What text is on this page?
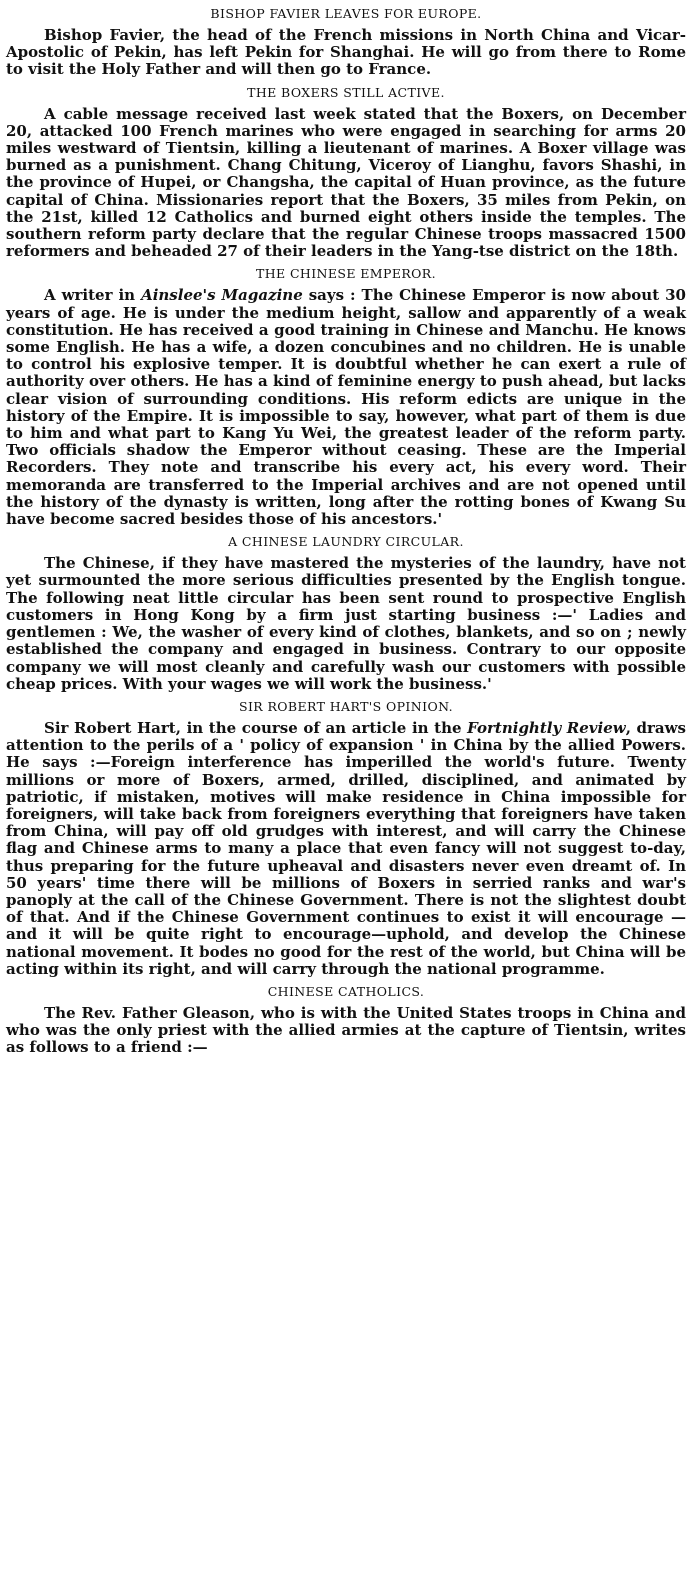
BISHOP FAVIER LEAVES FOR EUROPE.

Bishop Favier, the head of the French missions in North China and Vicar-Apostolic of Pekin, has left Pekin for Shanghai. He will go from there to Rome to visit the Holy Father and will then go to France.

THE BOXERS STILL ACTIVE.

A cable message received last week stated that the Boxers, on December 20, attacked 100 French marines who were engaged in searching for arms 20 miles westward of Tientsin, killing a lieutenant of marines. A Boxer village was burned as a punishment. Chang Chitung, Viceroy of Lianghu, favors Shashi, in the province of Hupei, or Changsha, the capital of Huan province, as the future capital of China. Missionaries report that the Boxers, 35 miles from Pekin, on the 21st, killed 12 Catholics and burned eight others inside the temples. The southern reform party declare that the regular Chinese troops massacred 1500 reformers and beheaded 27 of their leaders in the Yang-tse district on the 18th.

THE CHINESE EMPEROR.

A writer in Ainslee's Magazine says : The Chinese Emperor is now about 30 years of age. He is under the medium height, sallow and apparently of a weak constitution. He has received a good training in Chinese and Manchu. He knows some English. He has a wife, a dozen concubines and no children. He is unable to control his explosive temper. It is doubtful whether he can exert a rule of authority over others. He has a kind of feminine energy to push ahead, but lacks clear vision of surrounding conditions. His reform edicts are unique in the history of the Empire. It is impossible to say, however, what part of them is due to him and what part to Kang Yu Wei, the greatest leader of the reform party. Two officials shadow the Emperor without ceasing. These are the Imperial Recorders. They note and transcribe his every act, his every word. Their memoranda are transferred to the Imperial archives and are not opened until the history of the dynasty is written, long after the rotting bones of Kwang Su have become sacred besides those of his ancestors.'

A CHINESE LAUNDRY CIRCULAR.

The Chinese, if they have mastered the mysteries of the laundry, have not yet surmounted the more serious difficulties presented by the English tongue. The following neat little circular has been sent round to prospective English customers in Hong Kong by a firm just starting business :—' Ladies and gentlemen : We, the washer of every kind of clothes, blankets, and so on ; newly established the company and engaged in business. Contrary to our opposite company we will most cleanly and carefully wash our customers with possible cheap prices. With your wages we will work the business.'

SIR ROBERT HART'S OPINION.

Sir Robert Hart, in the course of an article in the Fortnightly Review, draws attention to the perils of a ' policy of expansion ' in China by the allied Powers. He says :—Foreign interference has imperilled the world's future. Twenty millions or more of Boxers, armed, drilled, disciplined, and animated by patriotic, if mistaken, motives will make residence in China impossible for foreigners, will take back from foreigners everything that foreigners have taken from China, will pay off old grudges with interest, and will carry the Chinese flag and Chinese arms to many a place that even fancy will not suggest to-day, thus preparing for the future upheaval and disasters never even dreamt of. In 50 years' time there will be millions of Boxers in serried ranks and war's panoply at the call of the Chinese Government. There is not the slightest doubt of that. And if the Chinese Government continues to exist it will encourage —and it will be quite right to encourage—uphold, and develop the Chinese national movement. It bodes no good for the rest of the world, but China will be acting within its right, and will carry through the national programme.

CHINESE CATHOLICS.

The Rev. Father Gleason, who is with the United States troops in China and who was the only priest with the allied armies at the capture of Tientsin, writes as follows to a friend :—
